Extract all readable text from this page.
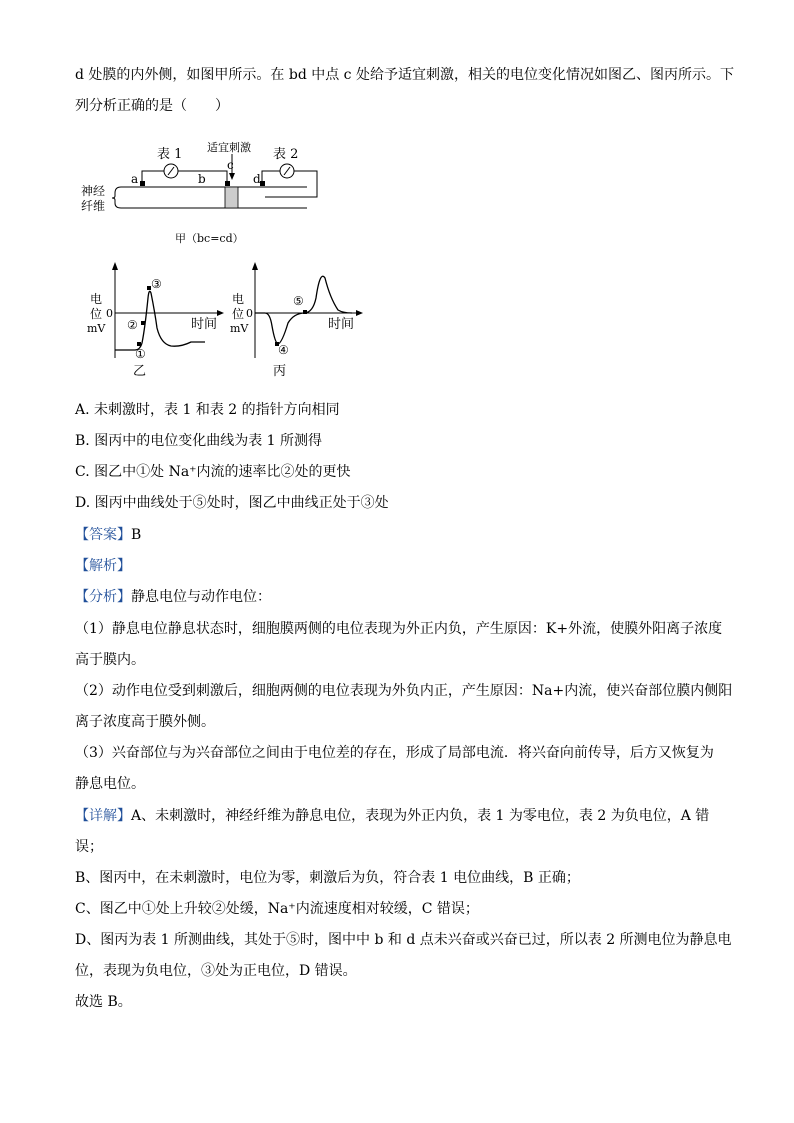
d 处膜的内外侧，如图甲所示。在 bd 中点 c 处给予适宜刺激，相关的电位变化情况如图乙、图丙所示。下
列分析正确的是（　　）
表 1	表 2
适宜刺激
a	b
c
d
神经
纤维
甲（bc=cd）
电
位
mV
0
时间
①
②
③
乙
电
位
mV
0
时间
④
⑤
丙
A. 未刺激时，表 1 和表 2 的指针方向相同
B. 图丙中的电位变化曲线为表 1 所测得
C. 图乙中①处 Na⁺内流的速率比②处的更快
D. 图丙中曲线处于⑤处时，图乙中曲线正处于③处
【答案】B
【解析】
【分析】静息电位与动作电位：
（1）静息电位静息状态时，细胞膜两侧的电位表现为外正内负，产生原因：K+外流，使膜外阳离子浓度
高于膜内。
（2）动作电位受到刺激后，细胞两侧的电位表现为外负内正，产生原因：Na+内流，使兴奋部位膜内侧阳
离子浓度高于膜外侧。
（3）兴奋部位与为兴奋部位之间由于电位差的存在，形成了局部电流．将兴奋向前传导，后方又恢复为
静息电位。
【详解】A、未刺激时，神经纤维为静息电位，表现为外正内负，表 1 为零电位，表 2 为负电位，A 错
误；
B、图丙中，在未刺激时，电位为零，刺激后为负，符合表 1 电位曲线，B 正确；
C、图乙中①处上升较②处缓，Na⁺内流速度相对较缓，C 错误；
D、图丙为表 1 所测曲线，其处于⑤时，图中中 b 和 d 点未兴奋或兴奋已过，所以表 2 所测电位为静息电
位，表现为负电位，③处为正电位，D 错误。
故选 B。
